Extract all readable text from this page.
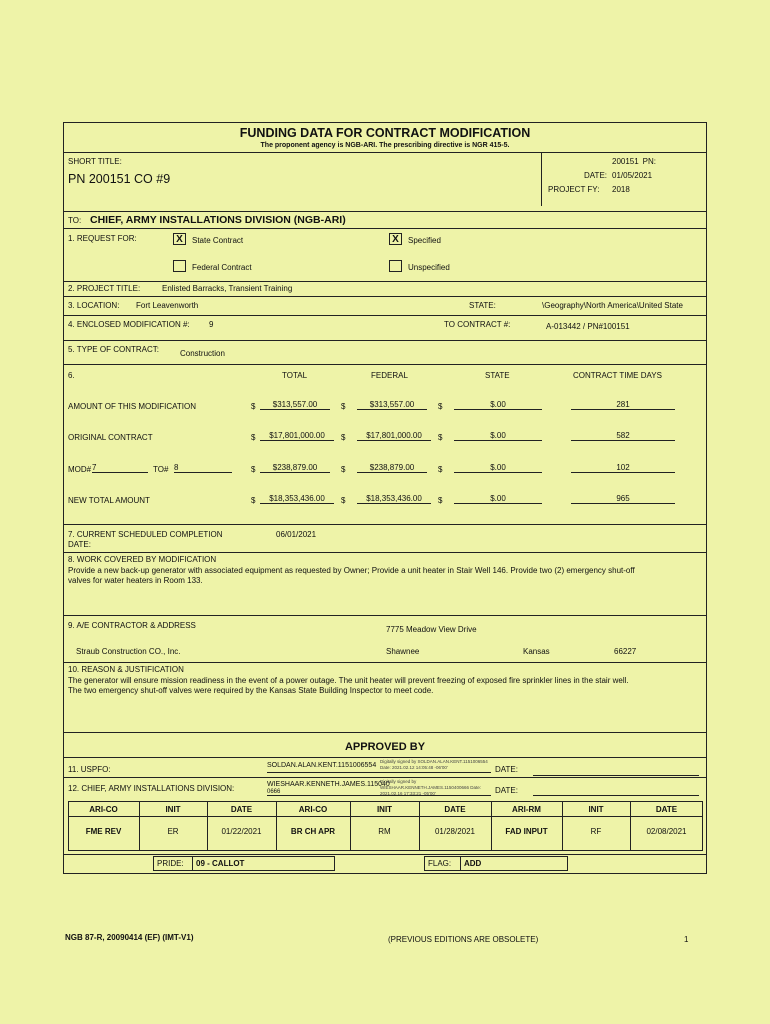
FUNDING DATA FOR CONTRACT MODIFICATION
The proponent agency is NGB-ARI. The prescribing directive is NGR 415-5.
SHORT TITLE:
PN 200151 CO #9
PN:
200151
DATE: 01/05/2021
PROJECT FY: 2018
TO: CHIEF, ARMY INSTALLATIONS DIVISION (NGB-ARI)
1. REQUEST FOR:	X	State Contract	X	Specified
Federal Contract	Unspecified
2. PROJECT TITLE:	Enlisted Barracks, Transient Training
3. LOCATION: Fort Leavenworth	STATE:	\Geography\North America\United State
4. ENCLOSED MODIFICATION #: 9	TO CONTRACT #:	A-013442 / PN#100151
5. TYPE OF CONTRACT:	Construction
6.	TOTAL	FEDERAL	STATE	CONTRACT TIME DAYS
AMOUNT OF THIS MODIFICATION	$	$313,557.00	$	$313,557.00	$	$.00	281
ORIGINAL CONTRACT	$	$17,801,000.00	$	$17,801,000.00	$	$.00	582
MOD# 7	TO# 8	$	$238,879.00	$	$238,879.00	$	$.00	102
NEW TOTAL AMOUNT	$	$18,353,436.00	$	$18,353,436.00	$	$.00	965
7. CURRENT SCHEDULED COMPLETION
DATE:
06/01/2021
8. WORK COVERED BY MODIFICATION
Provide a new back-up generator with associated equipment as requested by Owner; Provide a unit heater in Stair Well 146. Provide two (2) emergency shut-off
valves for water heaters in Room 133.
9. A/E CONTRACTOR & ADDRESS	7775 Meadow View Drive
Straub Construction CO., Inc.	Shawnee	Kansas	66227
10. REASON & JUSTIFICATION
The generator will ensure mission readiness in the event of a power outage. The unit heater will prevent freezing of exposed fire sprinkler lines in the stair well.
The two emergency shut-off valves were required by the Kansas State Building Inspector to meet code.
APPROVED BY
11. USPFO:	SOLDAN.ALAN.KENT.1151006554
Digitally signed by SOLDAN.ALAN.KENT.1151006554 Date: 2021.02.12 14:05:48 -06'00'	DATE:
12. CHIEF, ARMY INSTALLATIONS DIVISION:	WIESHAAR.KENNETH.JAMES.115040
0666
Digitally signed by WIESHAAR.KENNETH.JAMES.1150400666 Date: 2021.02.16 17:33:21 -05'00'	DATE:
ARI-CO	INIT	DATE	ARI-CO	INIT	DATE	ARI-RM	INIT	DATE
FME REV	ER	01/22/2021	BR CH APR	RM	01/28/2021	FAD INPUT	RF	02/08/2021
PRIDE: 09 - CALLOT	FLAG: ADD
NGB 87-R, 20090414 (EF) (IMT-V1)	(PREVIOUS EDITIONS ARE OBSOLETE)	1
